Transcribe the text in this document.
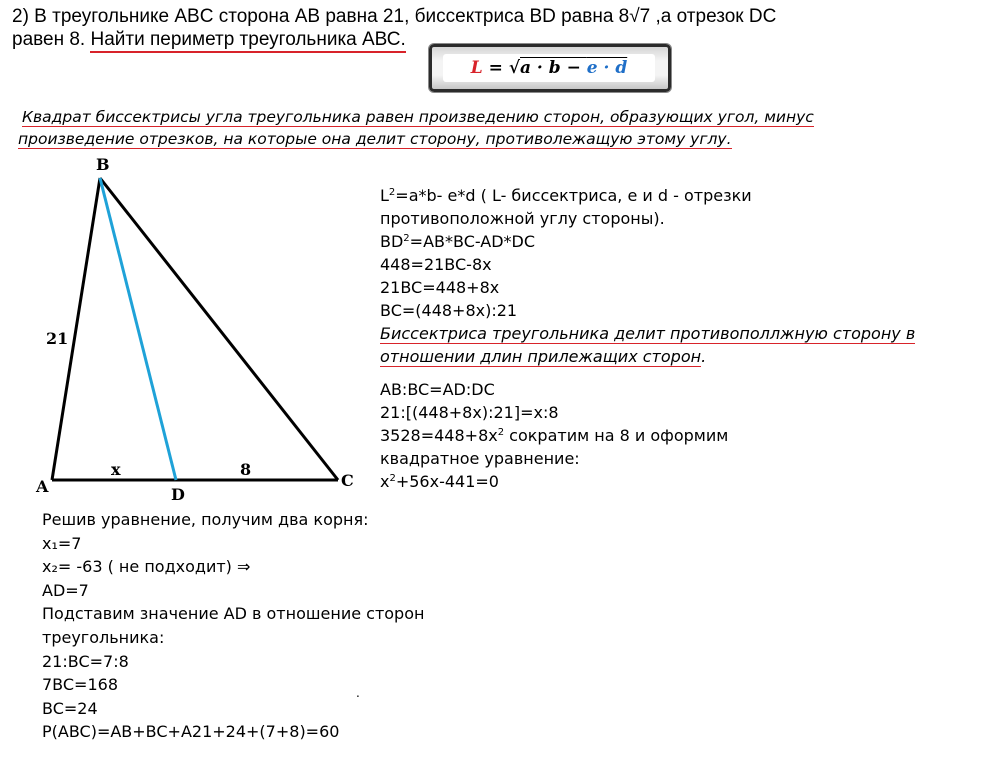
2) В треугольнике ABC сторона AB равна 21, биссектриса BD равна 8√7 ,а отрезок DC
равен 8. Найти периметр треугольника АВС.
L = √a · b − e · d
Квадрат биссектрисы угла треугольника равен произведению сторон, образующих угол, минус
произведение отрезков, на которые она делит сторону, противолежащую этому углу.
B
A	C
D
21
x	8
$L^2=a*b-$ e*d ( L- биссектриса, e и d - отрезки
противоположной углу стороны).
$BD^2=AB*BC-AD*DC$
448=21BC-8x
21BC=448+8x
BC=(448+8x):21
Биссектриса треугольника делит противополлжную сторону в
отношении длин прилежащих сторон.
AB:BC=AD:DC
21:[(448+8x):21]=x:8
$3528=448+8x^2$ сократим на 8 и оформим
квадратное уравнение:
$x^2+56x-441=0$
Решив уравнение, получим два корня:
x₁=7
x₂= -63 ( не подходит) ⇒
AD=7
Подставим значение AD в отношение сторон
треугольника:
21:BC=7:8
7BC=168
BC=24
P(ABC)=AB+BC+A21+24+(7+8)=60
.
